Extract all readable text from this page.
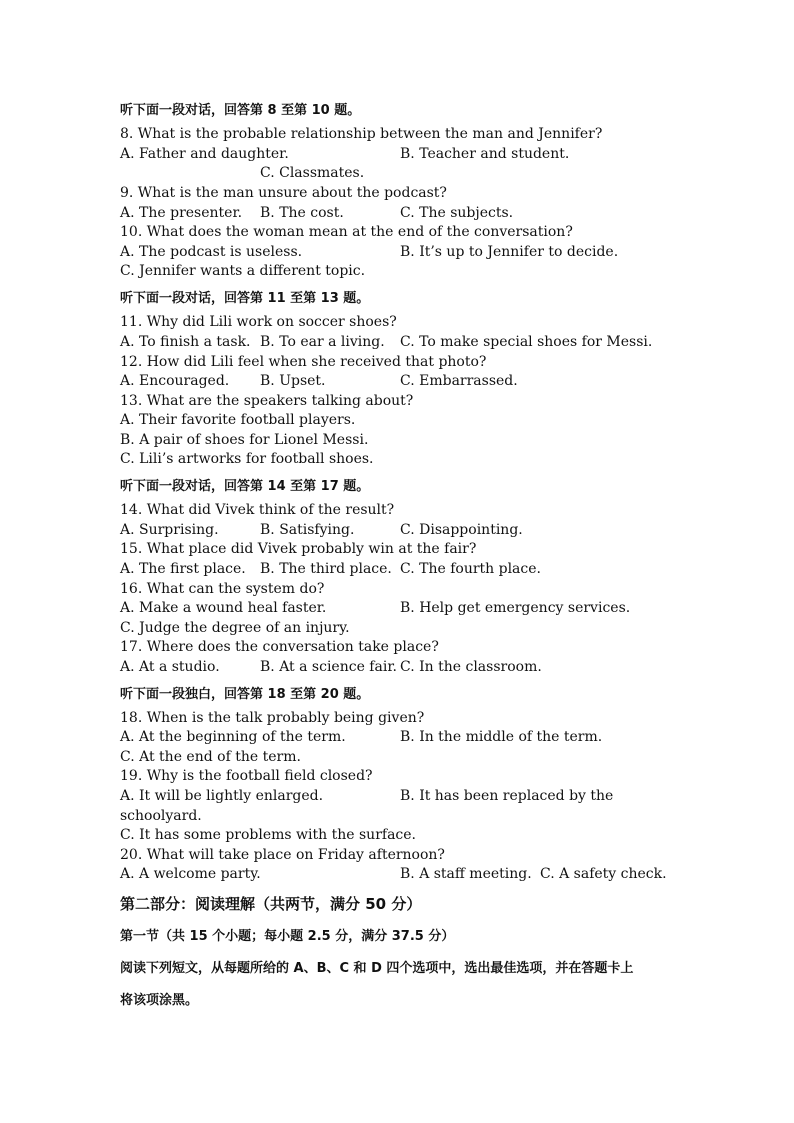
听下面一段对话，回答第 8 至第 10 题。
8. What is the probable relationship between the man and Jennifer?
A. Father and daughter.	B. Teacher and student.
C. Classmates.
9. What is the man unsure about the podcast?
A. The presenter. B. The cost.	C. The subjects.
10. What does the woman mean at the end of the conversation?
A. The podcast is useless.	B. It’s up to Jennifer to decide.
C. Jennifer wants a different topic.
听下面一段对话，回答第 11 至第 13 题。
11. Why did Lili work on soccer shoes?
A. To finish a task. B. To ear a living. C. To make special shoes for Messi.
12. How did Lili feel when she received that photo?
A. Encouraged. B. Upset.	C. Embarrassed.
13. What are the speakers talking about?
A. Their favorite football players.
B. A pair of shoes for Lionel Messi.
C. Lili’s artworks for football shoes.
听下面一段对话，回答第 14 至第 17 题。
14. What did Vivek think of the result?
A. Surprising.	B. Satisfying.	C. Disappointing.
15. What place did Vivek probably win at the fair?
A. The first place. B. The third place. C. The fourth place.
16. What can the system do?
A. Make a wound heal faster.	B. Help get emergency services.
C. Judge the degree of an injury.
17. Where does the conversation take place?
A. At a studio.	B. At a science fair. C. In the classroom.
听下面一段独白，回答第 18 至第 20 题。
18. When is the talk probably being given?
A. At the beginning of the term.	B. In the middle of the term.
C. At the end of the term.
19. Why is the football field closed?
A. It will be lightly enlarged.	B. It has been replaced by the
schoolyard.
C. It has some problems with the surface.
20. What will take place on Friday afternoon?
A. A welcome party.	B. A staff meeting. C. A safety check.
第二部分：阅读理解（共两节，满分 50 分）
第一节（共 15 个小题；每小题 2.5 分，满分 37.5 分）
阅读下列短文，从每题所给的 A、B、C 和 D 四个选项中，选出最佳选项，并在答题卡上
将该项涂黑。
